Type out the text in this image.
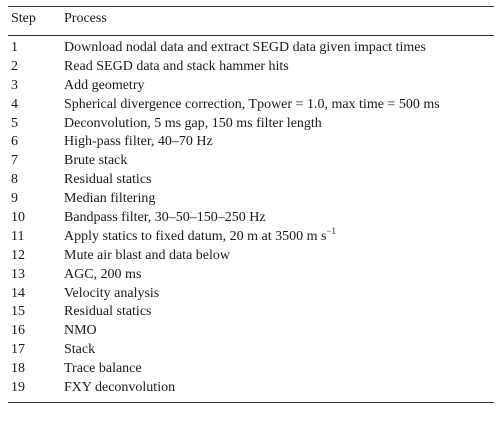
Step	Process
1	Download nodal data and extract SEGD data given impact times
2	Read SEGD data and stack hammer hits
3	Add geometry
4	Spherical divergence correction, Tpower = 1.0, max time = 500 ms
5	Deconvolution, 5 ms gap, 150 ms filter length
6	High-pass filter, 40–70 Hz
7	Brute stack
8	Residual statics
9	Median filtering
10	Bandpass filter, 30–50–150–250 Hz
11	Apply statics to fixed datum, 20 m at 3500 m $s^{-1}$
12	Mute air blast and data below
13	AGC, 200 ms
14	Velocity analysis
15	Residual statics
16	NMO
17	Stack
18	Trace balance
19	FXY deconvolution
